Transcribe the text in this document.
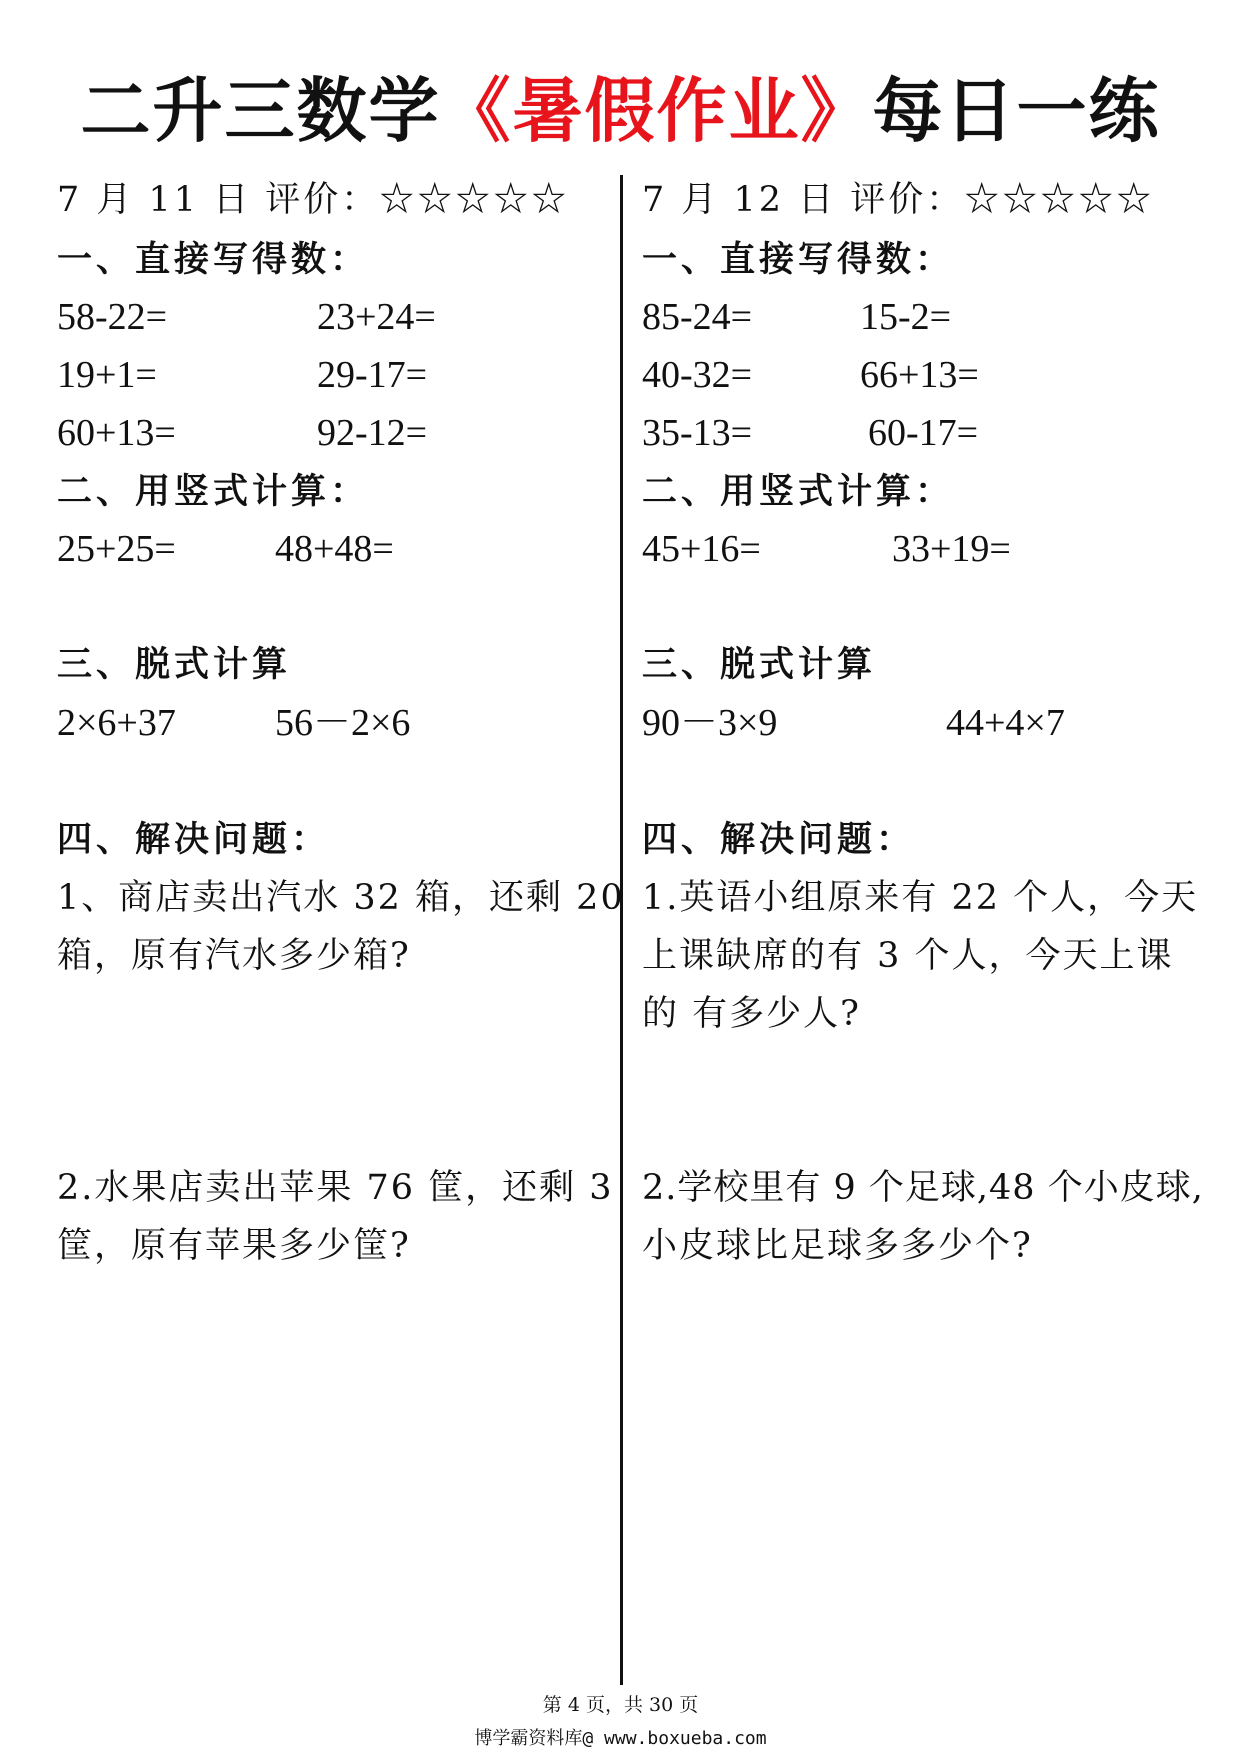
二升三数学《暑假作业》每日一练
7 月 11 日 评价：☆☆☆☆☆
一、直接写得数：
58-22=	23+24=
19+1=	29-17=
60+13=	92-12=
二、用竖式计算：
25+25=	48+48=
三、脱式计算
2×6+37	56－2×6
四、解决问题：
1、商店卖出汽水 32 箱，还剩 20
箱，原有汽水多少箱?
2.水果店卖出苹果 76 筐，还剩 3
筐，原有苹果多少筐?
7 月 12 日 评价：☆☆☆☆☆
一、直接写得数：
85-24=	15-2=
40-32=	66+13=
35-13=	60-17=
二、用竖式计算：
45+16=	33+19=
三、脱式计算
90－3×9	44+4×7
四、解决问题：
1.英语小组原来有 22 个人，今天
上课缺席的有 3 个人，今天上课
的 有多少人?
2.学校里有 9 个足球,48 个小皮球,
小皮球比足球多多少个?
第 4 页，共 30 页
博学霸资料库@ www.boxueba.com
